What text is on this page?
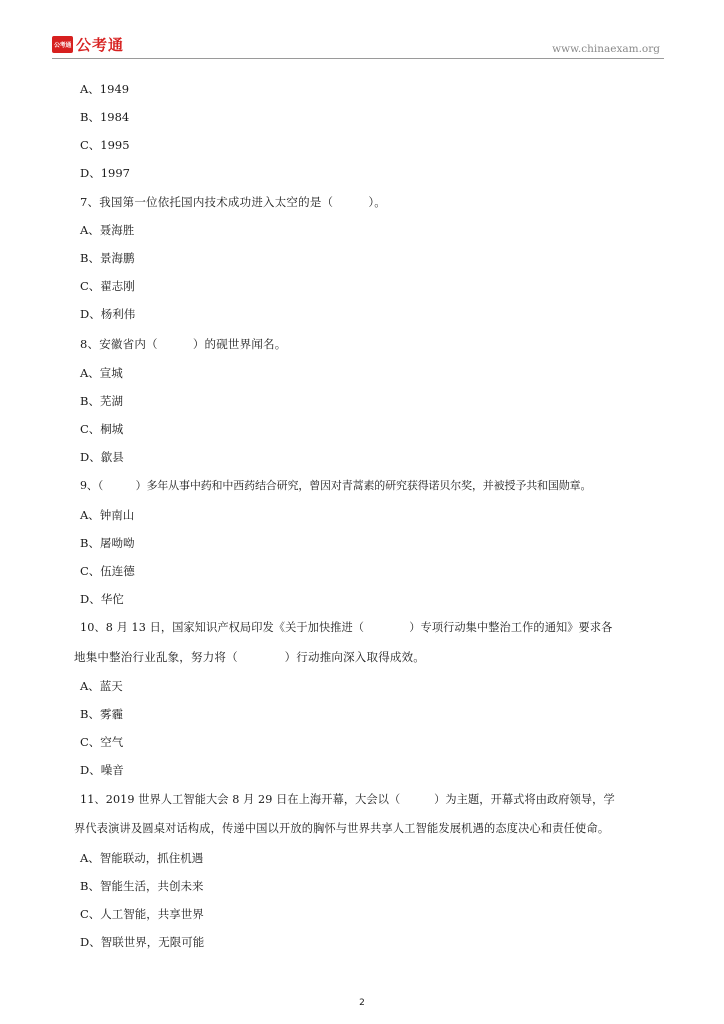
公考通 公考通	www.chinaexam.org
A、1949
B、1984
C、1995
D、1997
7、我国第一位依托国内技术成功进入太空的是（　　　）。
A、聂海胜
B、景海鹏
C、翟志刚
D、杨利伟
8、安徽省内（　　　）的砚世界闻名。
A、宣城
B、芜湖
C、桐城
D、歙县
9、（　　　）多年从事中药和中西药结合研究，曾因对青蒿素的研究获得诺贝尔奖，并被授予共和国勋章。
A、钟南山
B、屠呦呦
C、伍连德
D、华佗
10、8 月 13 日，国家知识产权局印发《关于加快推进（　　　　）专项行动集中整治工作的通知》要求各
地集中整治行业乱象，努力将（　　　　）行动推向深入取得成效。
A、蓝天
B、雾霾
C、空气
D、噪音
11、2019 世界人工智能大会 8 月 29 日在上海开幕，大会以（　　　）为主题，开幕式将由政府领导，学
界代表演讲及圆桌对话构成，传递中国以开放的胸怀与世界共享人工智能发展机遇的态度决心和责任使命。
A、智能联动，抓住机遇
B、智能生活，共创未来
C、人工智能，共享世界
D、智联世界，无限可能
2
